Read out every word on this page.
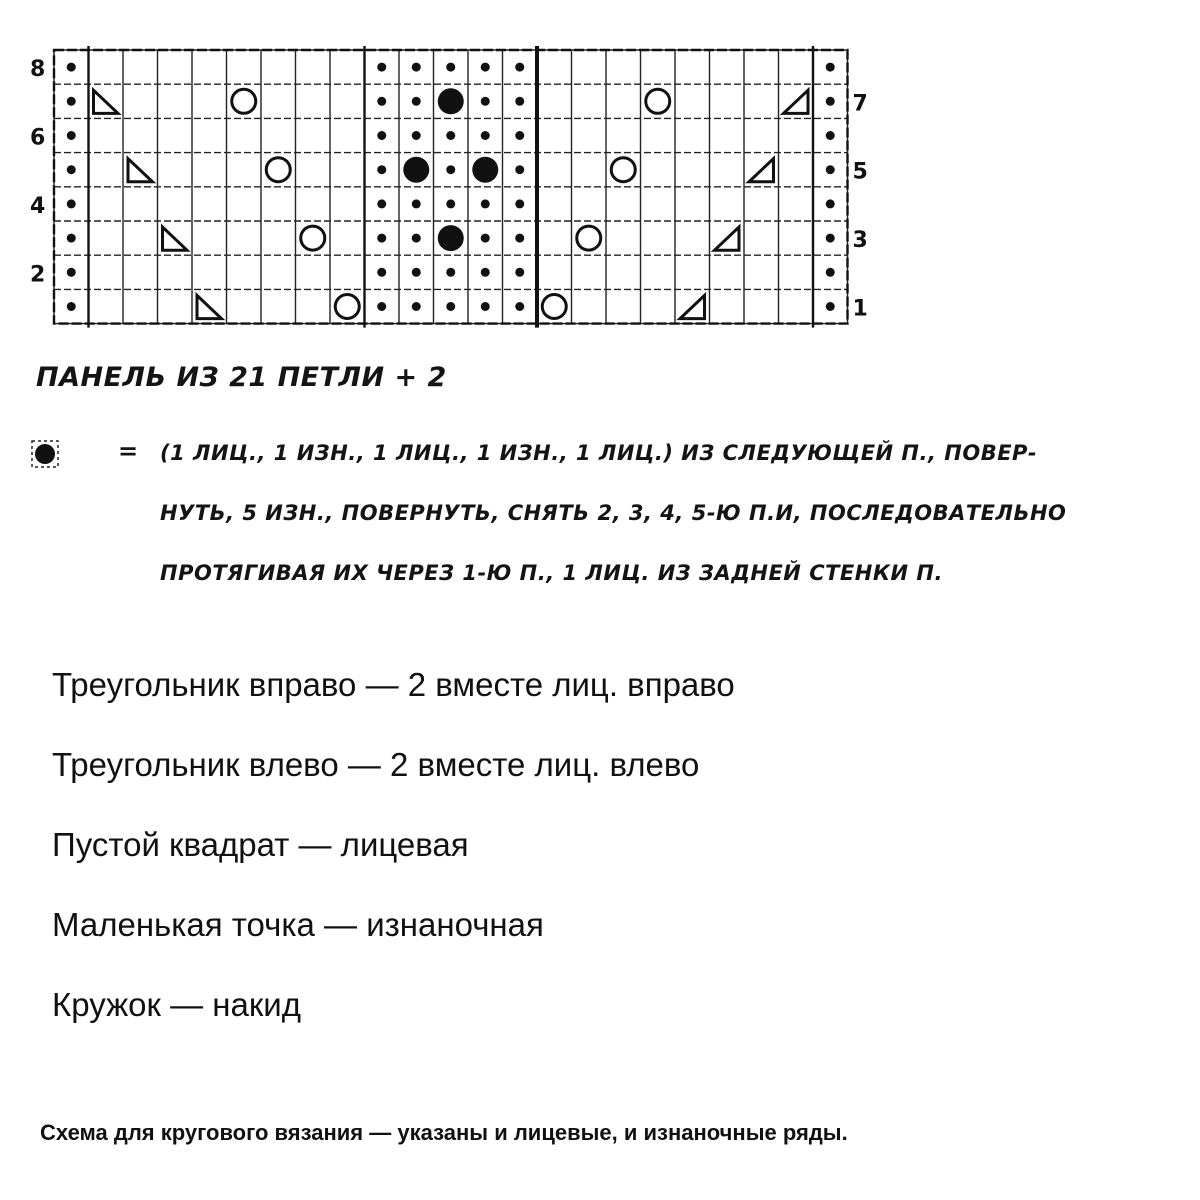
2
4
6
8
1
3
5
7
ПАНЕЛЬ ИЗ 21 ПЕТЛИ + 2
= (1 ЛИЦ., 1 ИЗН., 1 ЛИЦ., 1 ИЗН., 1 ЛИЦ.) ИЗ СЛЕДУЮЩЕЙ П., ПОВЕР-
НУТЬ, 5 ИЗН., ПОВЕРНУТЬ, СНЯТЬ 2, 3, 4, 5-Ю П.И, ПОСЛЕДОВАТЕЛЬНО
ПРОТЯГИВАЯ ИХ ЧЕРЕЗ 1-Ю П., 1 ЛИЦ. ИЗ ЗАДНЕЙ СТЕНКИ П.
Треугольник вправо — 2 вместе лиц. вправо
Треугольник влево — 2 вместе лиц. влево
Пустой квадрат — лицевая
Маленькая точка — изнаночная
Кружок — накид
Схема для кругового вязания — указаны и лицевые, и изнаночные ряды.
